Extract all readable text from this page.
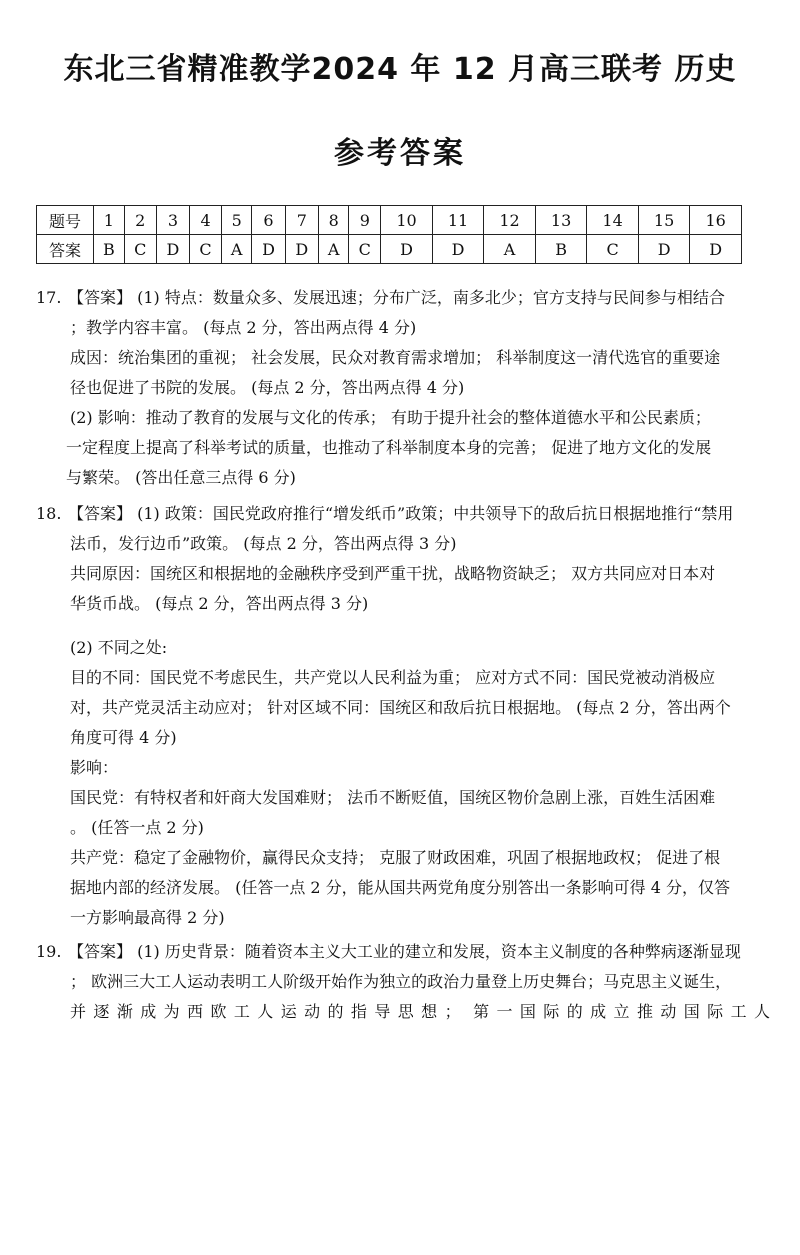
东北三省精准教学2024 年 12 月高三联考 历史
参考答案
题号	1	2	3	4	5	6	7	8	9	10	11	12	13	14	15	16
答案	B	C	D	C	A	D	D	A	C	D	D	A	B	C	D	D

17. 【答案】 (1) 特点：数量众多、发展迅速；分布广泛，南多北少；官方支持与民间参与相结合

；教学内容丰富。 (每点 2 分，答出两点得 4 分)

成因：统治集团的重视； 社会发展，民众对教育需求增加； 科举制度这一清代选官的重要途

径也促进了书院的发展。 (每点 2 分，答出两点得 4 分)

(2) 影响：推动了教育的发展与文化的传承； 有助于提升社会的整体道德水平和公民素质；

一定程度上提高了科举考试的质量，也推动了科举制度本身的完善； 促进了地方文化的发展

与繁荣。 (答出任意三点得 6 分)

18. 【答案】 (1) 政策：国民党政府推行“增发纸币”政策；中共领导下的敌后抗日根据地推行“禁用

法币，发行边币”政策。 (每点 2 分，答出两点得 3 分)

共同原因：国统区和根据地的金融秩序受到严重干扰，战略物资缺乏； 双方共同应对日本对

华货币战。 (每点 2 分，答出两点得 3 分)

(2) 不同之处:

目的不同：国民党不考虑民生，共产党以人民利益为重； 应对方式不同：国民党被动消极应

对，共产党灵活主动应对； 针对区域不同：国统区和敌后抗日根据地。 (每点 2 分，答出两个

角度可得 4 分)

影响：

国民党：有特权者和奸商大发国难财； 法币不断贬值，国统区物价急剧上涨，百姓生活困难

。 (任答一点 2 分)

共产党：稳定了金融物价，赢得民众支持； 克服了财政困难，巩固了根据地政权； 促进了根

据地内部的经济发展。 (任答一点 2 分，能从国共两党角度分别答出一条影响可得 4 分，仅答

一方影响最高得 2 分)

19. 【答案】 (1) 历史背景：随着资本主义大工业的建立和发展，资本主义制度的各种弊病逐渐显现

； 欧洲三大工人运动表明工人阶级开始作为独立的政治力量登上历史舞台；马克思主义诞生，

并逐渐成为西欧工人运动的指导思想； 第一国际的成立推动国际工人
